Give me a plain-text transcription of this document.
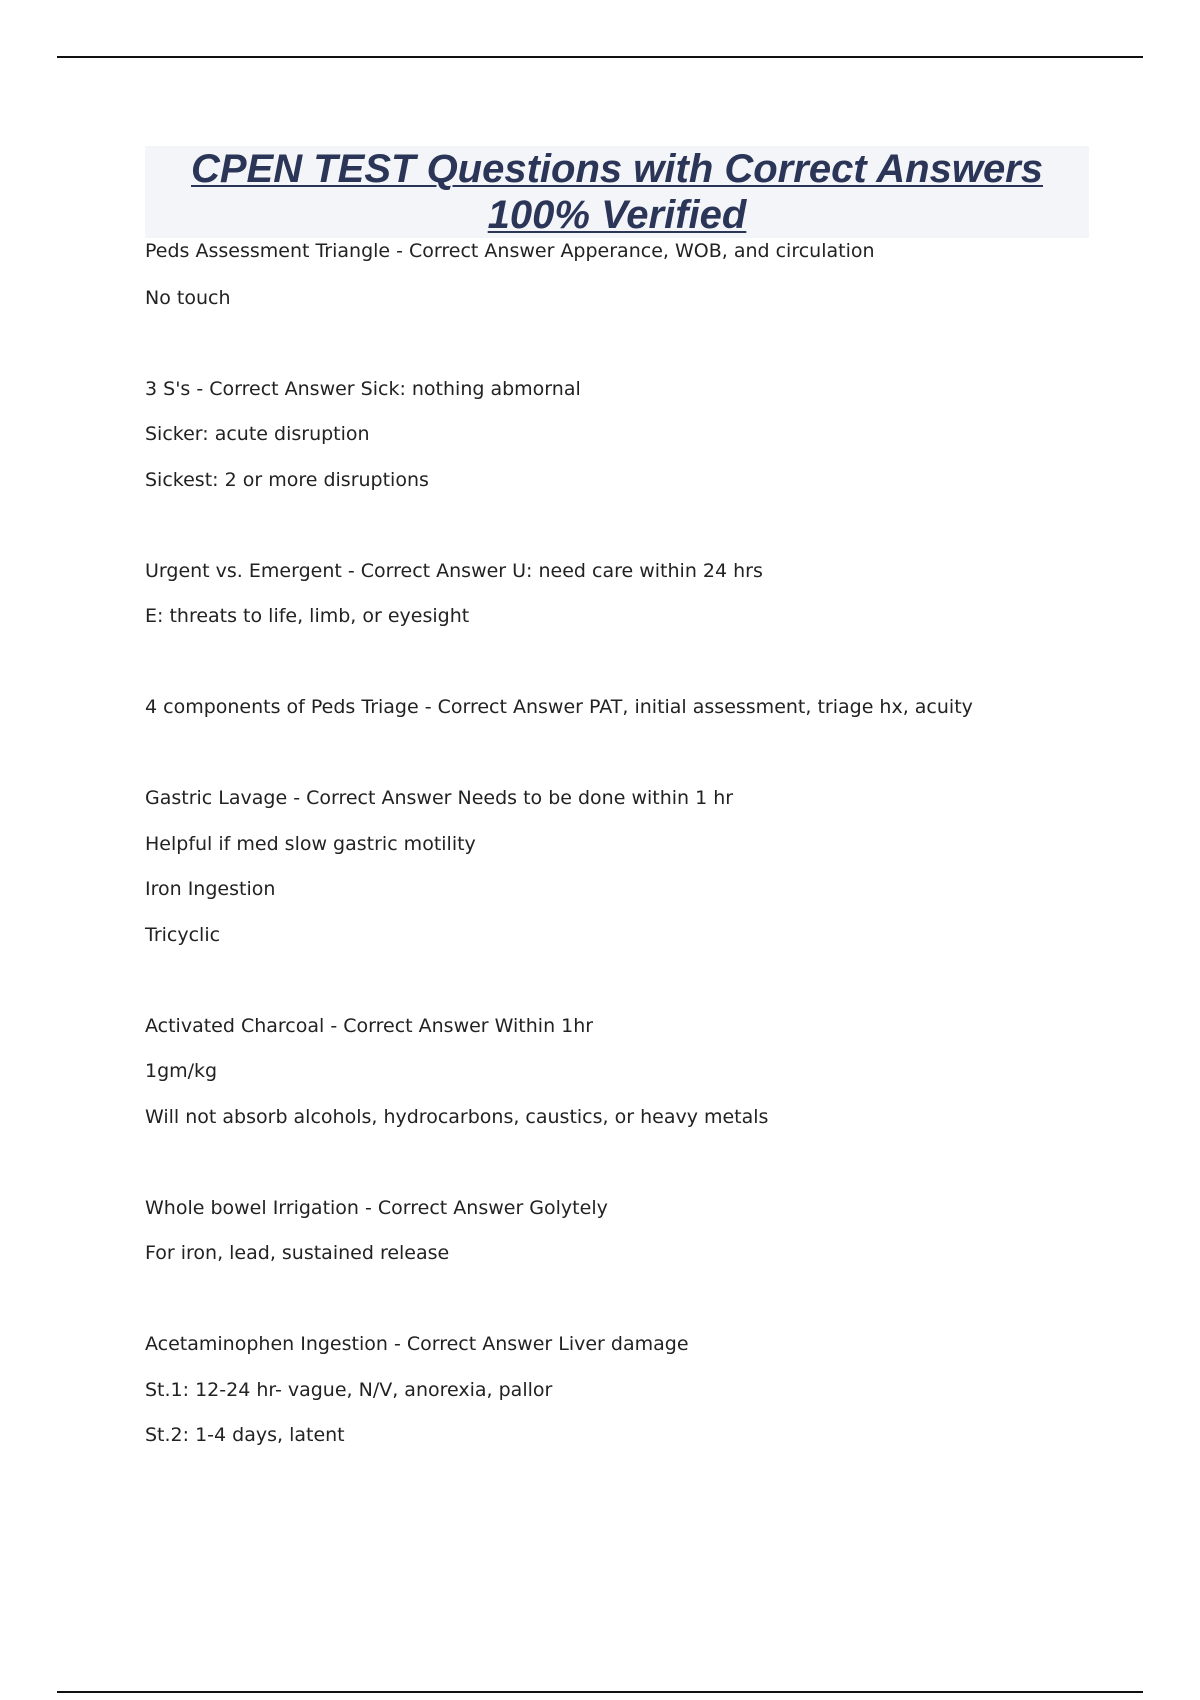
CPEN TEST Questions with Correct Answers
100% Verified
Peds Assessment Triangle - Correct Answer Apperance, WOB, and circulation
No touch
3 S's - Correct Answer Sick: nothing abmornal
Sicker: acute disruption
Sickest: 2 or more disruptions
Urgent vs. Emergent - Correct Answer U: need care within 24 hrs
E: threats to life, limb, or eyesight
4 components of Peds Triage - Correct Answer PAT, initial assessment, triage hx, acuity
Gastric Lavage - Correct Answer Needs to be done within 1 hr
Helpful if med slow gastric motility
Iron Ingestion
Tricyclic
Activated Charcoal - Correct Answer Within 1hr
1gm/kg
Will not absorb alcohols, hydrocarbons, caustics, or heavy metals
Whole bowel Irrigation - Correct Answer Golytely
For iron, lead, sustained release
Acetaminophen Ingestion - Correct Answer Liver damage
St.1: 12-24 hr- vague, N/V, anorexia, pallor
St.2: 1-4 days, latent
